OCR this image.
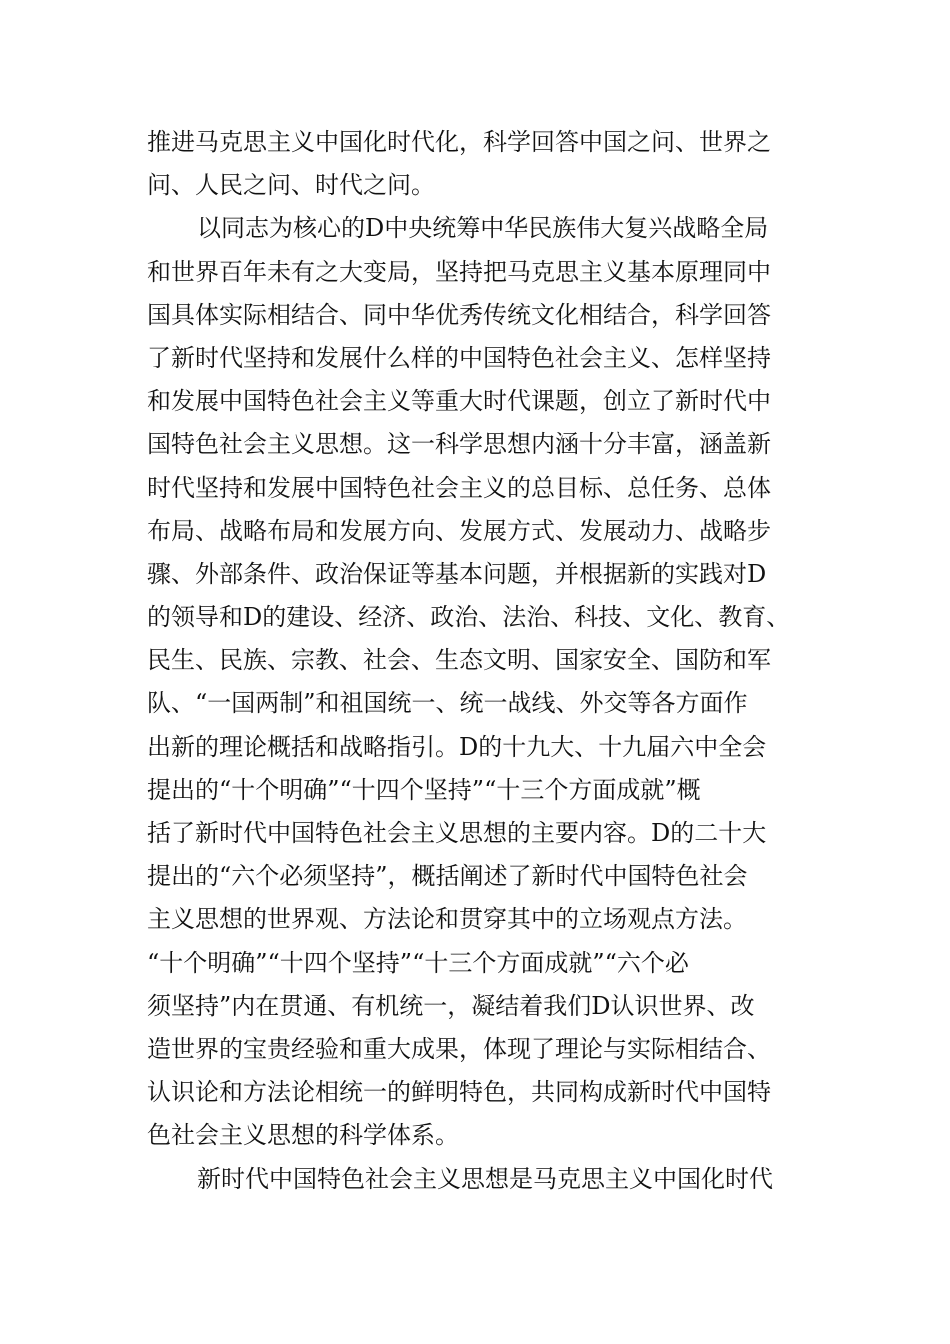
推进马克思主义中国化时代化，科学回答中国之问、世界之
问、人民之问、时代之问。
以同志为核心的D中央统筹中华民族伟大复兴战略全局
和世界百年未有之大变局，坚持把马克思主义基本原理同中
国具体实际相结合、同中华优秀传统文化相结合，科学回答
了新时代坚持和发展什么样的中国特色社会主义、怎样坚持
和发展中国特色社会主义等重大时代课题，创立了新时代中
国特色社会主义思想。这一科学思想内涵十分丰富，涵盖新
时代坚持和发展中国特色社会主义的总目标、总任务、总体
布局、战略布局和发展方向、发展方式、发展动力、战略步
骤、外部条件、政治保证等基本问题，并根据新的实践对D
的领导和D的建设、经济、政治、法治、科技、文化、教育、
民生、民族、宗教、社会、生态文明、国家安全、国防和军
队、“一国两制”和祖国统一、统一战线、外交等各方面作
出新的理论概括和战略指引。D的十九大、十九届六中全会
提出的“十个明确”“十四个坚持”“十三个方面成就”概
括了新时代中国特色社会主义思想的主要内容。D的二十大
提出的“六个必须坚持”，概括阐述了新时代中国特色社会
主义思想的世界观、方法论和贯穿其中的立场观点方法。
“十个明确”“十四个坚持”“十三个方面成就”“六个必
须坚持”内在贯通、有机统一，凝结着我们D认识世界、改
造世界的宝贵经验和重大成果，体现了理论与实际相结合、
认识论和方法论相统一的鲜明特色，共同构成新时代中国特
色社会主义思想的科学体系。
新时代中国特色社会主义思想是马克思主义中国化时代
